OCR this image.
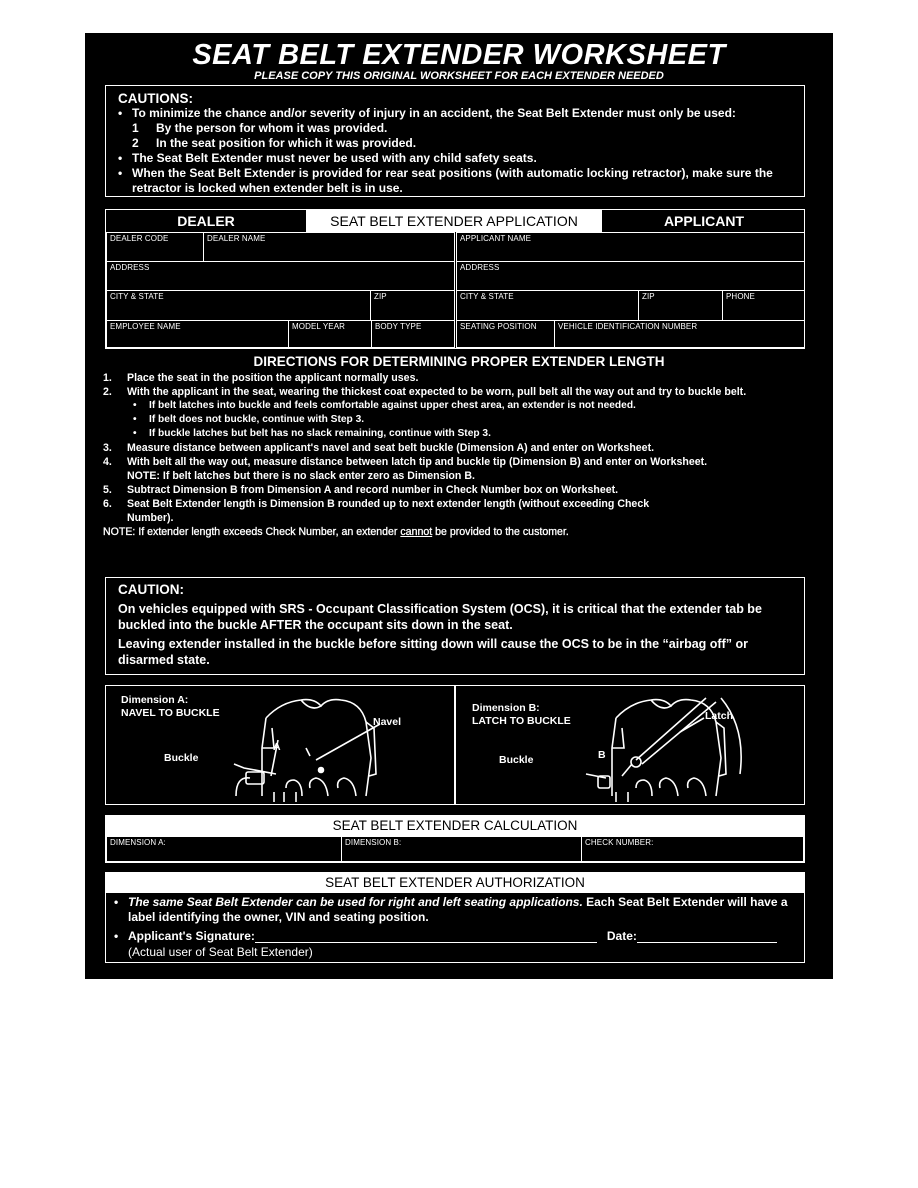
SEAT BELT EXTENDER WORKSHEET
PLEASE COPY THIS ORIGINAL WORKSHEET FOR EACH EXTENDER NEEDED
CAUTIONS:
• To minimize the chance and/or severity of injury in an accident, the Seat Belt Extender must only be used:
1	By the person for whom it was provided.
2	In the seat position for which it was provided.
• The Seat Belt Extender must never be used with any child safety seats.
• When the Seat Belt Extender is provided for rear seat positions (with automatic locking retractor), make sure the retractor is locked when extender belt is in use.
DEALER	SEAT BELT EXTENDER APPLICATION	APPLICANT
DEALER CODE	DEALER NAME	APPLICANT NAME
ADDRESS	ADDRESS
CITY & STATE	ZIP	CITY & STATE	ZIP	PHONE
EMPLOYEE NAME	MODEL YEAR	BODY TYPE	SEATING POSITION	VEHICLE IDENTIFICATION NUMBER
DIRECTIONS FOR DETERMINING PROPER EXTENDER LENGTH
1.	Place the seat in the position the applicant normally uses.
2.	With the applicant in the seat, wearing the thickest coat expected to be worn, pull belt all the way out and try to buckle belt.
• If belt latches into buckle and feels comfortable against upper chest area, an extender is not needed.
• If belt does not buckle, continue with Step 3.
• If buckle latches but belt has no slack remaining, continue with Step 3.
3.	Measure distance between applicant's navel and seat belt buckle (Dimension A) and enter on Worksheet.
4.	With belt all the way out, measure distance between latch tip and buckle tip (Dimension B) and enter on Worksheet.
NOTE: If belt latches but there is no slack enter zero as Dimension B.
5.	Subtract Dimension B from Dimension A and record number in Check Number box on Worksheet.
6.	Seat Belt Extender length is Dimension B rounded up to next extender length (without exceeding Check Number).
NOTE: If extender length exceeds Check Number, an extender cannot be provided to the customer.

CAUTION:

On vehicles equipped with SRS - Occupant Classification System (OCS), it is critical that the extender tab be buckled into the buckle AFTER the occupant sits down in the seat.

Leaving extender installed in the buckle before sitting down will cause the OCS to be in the “airbag off” or disarmed state.

Dimension A:
NAVEL TO BUCKLE
Navel
Buckle
A
Dimension B:
LATCH TO BUCKLE	Latch
Buckle	B
SEAT BELT EXTENDER CALCULATION
DIMENSION A:	DIMENSION B:	CHECK NUMBER:
SEAT BELT EXTENDER AUTHORIZATION
• The same Seat Belt Extender can be used for right and left seating applications. Each Seat Belt Extender will have a label identifying the owner, VIN and seating position.
• Applicant's Signature:	Date:
(Actual user of Seat Belt Extender)
